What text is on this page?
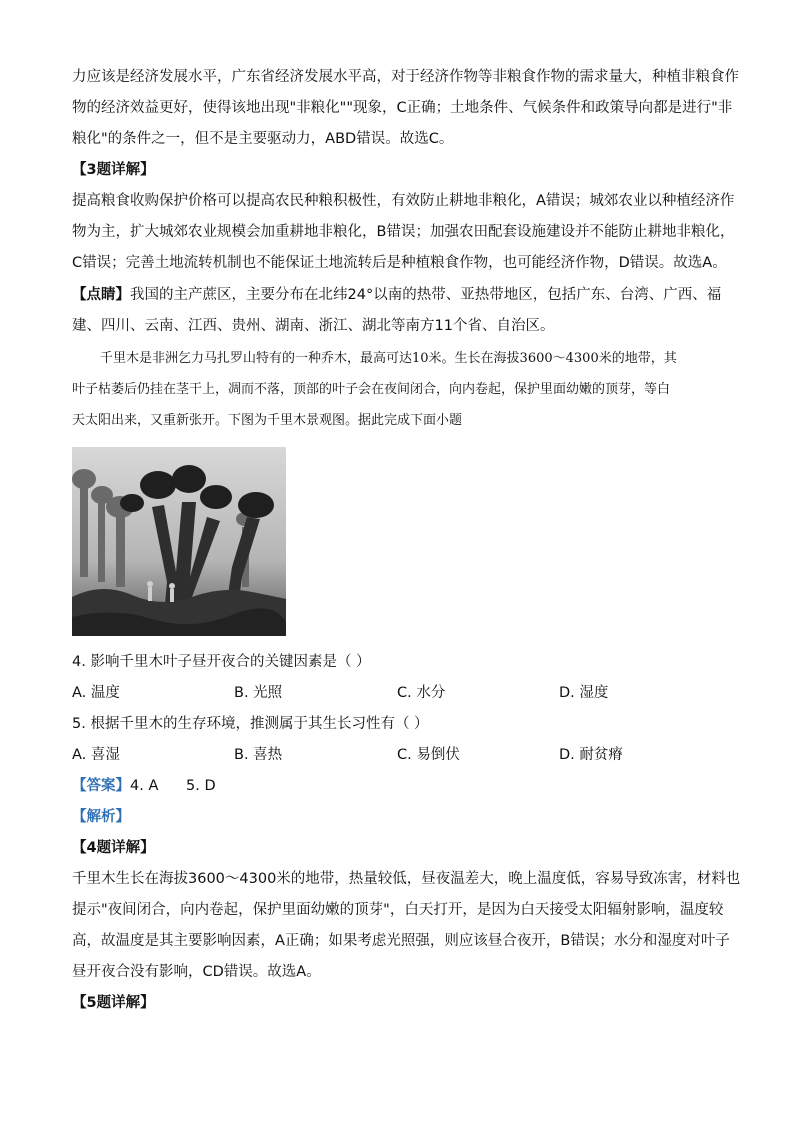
力应该是经济发展水平，广东省经济发展水平高，对于经济作物等非粮食作物的需求量大，种植非粮食作
物的经济效益更好，使得该地出现"非粮化""现象，C正确；土地条件、气候条件和政策导向都是进行"非
粮化"的条件之一，但不是主要驱动力，ABD错误。故选C。
【3题详解】
提高粮食收购保护价格可以提高农民种粮积极性，有效防止耕地非粮化，A错误；城郊农业以种植经济作
物为主，扩大城郊农业规模会加重耕地非粮化，B错误；加强农田配套设施建设并不能防止耕地非粮化，
C错误；完善土地流转机制也不能保证土地流转后是种植粮食作物，也可能经济作物，D错误。故选A。
【点睛】我国的主产蔗区，主要分布在北纬24°以南的热带、亚热带地区，包括广东、台湾、广西、福
建、四川、云南、江西、贵州、湖南、浙江、湖北等南方11个省、自治区。
千里木是非洲乞力马扎罗山特有的一种乔木，最高可达10米。生长在海拔3600～4300米的地带，其
叶子枯萎后仍挂在茎干上，凋而不落，顶部的叶子会在夜间闭合，向内卷起，保护里面幼嫩的顶芽，等白
天太阳出来，又重新张开。下图为千里木景观图。据此完成下面小题
4. 影响千里木叶子昼开夜合的关键因素是（ ）
A. 温度	B. 光照	C. 水分	D. 湿度
5. 根据千里木的生存环境，推测属于其生长习性有（ ）
A. 喜湿	B. 喜热	C. 易倒伏	D. 耐贫瘠
【答案】4. A      5. D
【解析】
【4题详解】
千里木生长在海拔3600～4300米的地带，热量较低，昼夜温差大，晚上温度低，容易导致冻害，材料也
提示"夜间闭合，向内卷起，保护里面幼嫩的顶芽"，白天打开，是因为白天接受太阳辐射影响，温度较
高，故温度是其主要影响因素，A正确；如果考虑光照强，则应该昼合夜开，B错误；水分和湿度对叶子
昼开夜合没有影响，CD错误。故选A。
【5题详解】
